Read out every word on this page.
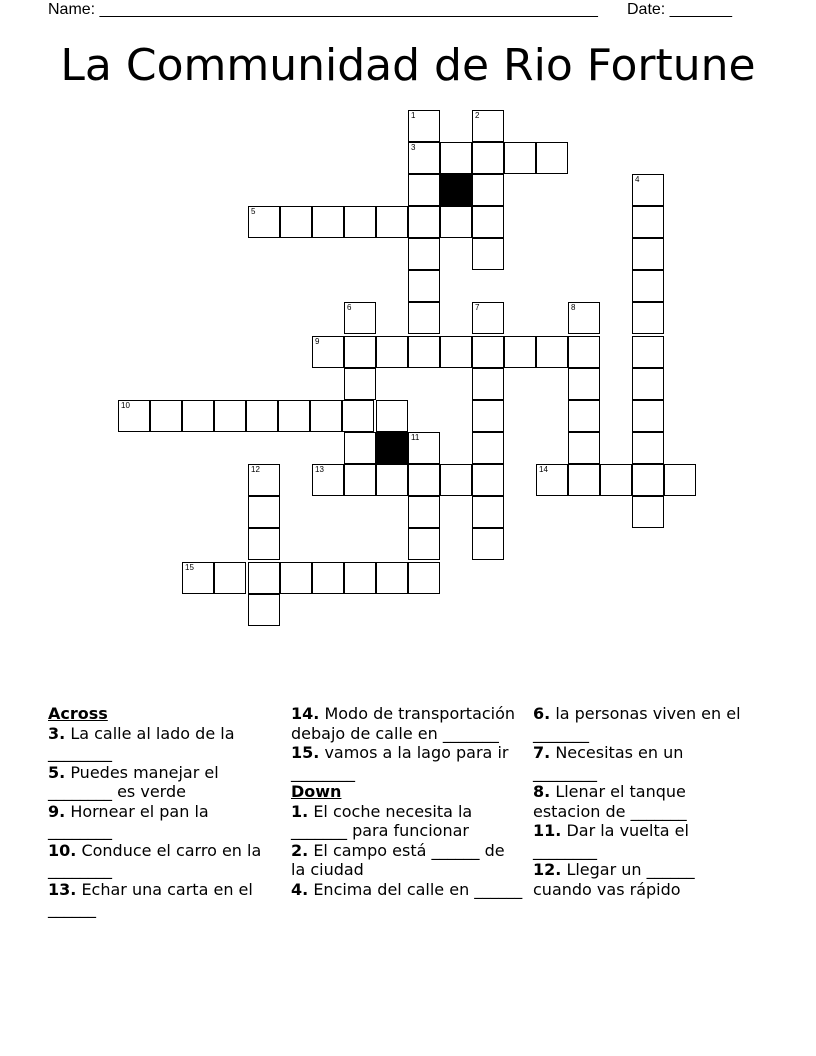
Name: ________________________________________________________ Date: _______
La Communidad de Rio Fortune
1	2
3
4
5
6	7	8
9
10
11
12	13	14
15
Across

3. La calle al lado de la ________

5. Puedes manejar el ________ es verde

9. Hornear el pan la ________

10. Conduce el carro en la ________

13. Echar una carta en el ______

14. Modo de transportación debajo de calle en _______

15. vamos a la lago para ir ________

Down

1. El coche necesita la _______ para funcionar

2. El campo está ______ de la ciudad

4. Encima del calle en ______

6. la personas viven en el _______

7. Necesitas en un ________

8. Llenar el tanque estacion de _______

11. Dar la vuelta el ________

12. Llegar un ______ cuando vas rápido
